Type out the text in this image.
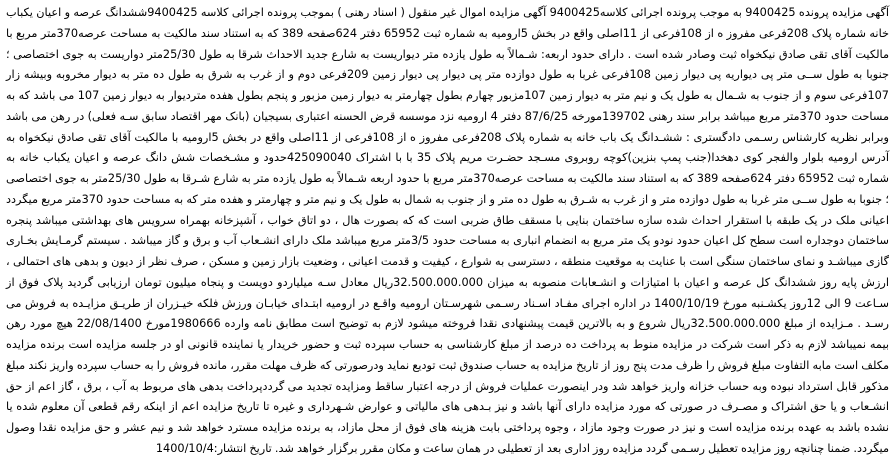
آگهی مزایده پرونده 9400425 به موجب پرونده اجرائی کلاسه9400425 آگهی مزایده اموال غیر منقول ( اسناد رهنی ) بموجب پرونده اجرائی کلاسه 9400425ششدانگ عرصه و اعیان یکباب خانه شماره پلاک 208فرعی مفروز ه از 108فرعی از 11اصلی واقع در بخش 5ارومیه به شماره ثبت 65952 دفتر 624صفحه 389 که به استناد سند مالکیت به مساحت عرصه370متر مربع با مالکیت آقای تقی صادق نیکخواه ثبت وصادر شده است . دارای حدود اربعه: شـمالاً به طول یازده متر دیواریست به شارع جدید الاحداث شرقا به طول 25/30متر دواریست به جوی اختصاصی ؛ جنوبا به طول ســی متر پی دیواریه پی دیوار زمین 108فرعی غربا به طول دوازده متر پی دیوار پی دیوار زمین 209فرعی دوم و از غرب به شرق به طول ده متر به دیوار مخروبه وبیشه زار 107فرعی سوم و از جنوب به شـمال به طول یک و نیم متر به دیوار زمین 107مزبور چهارم بطول چهارمتر به دیوار زمین مزبور و پنجم بطول هفده متردیوار به دیوار زمین 107 می باشد که به مساحت حدود 370متر مربع میباشد برابر سند رهنی 139702مورخه 87/6/25 دفتر 4 ارومیه نزد موسسه قرض الحسنه اعتباری بسیجیان (بانک مهر اقتصاد سابق سـه فعلی) در رهن می باشد وبرابر نظریه کارشناس رسـمی دادگستری : ششـدانگ یک باب خانه به شماره پلاک 208فرعی مفروز ه از 108فرعی از 11اصلی واقع در بخش 5ارومیه با مالکیت آقای تقی صادق نیکخواه به آدرس ارومیه بلوار والفجر کوی دهخدا(جنب پمپ بنزین)کوچه روبروی مسـجد حضـرت مریم پلاک 35 با با اشتراک 425090040حدود و مشـخصات شش دانگ عرصه و اعیان یکباب خانه به شماره ثبت 65952 دفتر 624صفحه 389 که به استناد سند مالکیت به مساحت عرصه370متر مربع با حدود اربعه شـمالاً به طول یازده متر به شارع شـرقا به طول 25/30متر به جوی اختصاصی ؛ جنوبا به طول ســی متر غربا به طول دوازده متر و از غرب به شـرق به طول ده متر و از جنوب به شمال به طول یک و نیم متر و چهارمتر و هفده متر که به مساحت حدود 370متر مربع میگردد اعیانی ملک در یک طبقه با استقرار احداث شده سازه ساختمان بنایی با مسقف طاق ضربی است که که بصورت هال ، دو اتاق خواب ، آشپزخانه بهمراه سرویس های بهداشتی میباشد پنجره ساختمان دوجداره است سطح کل اعیان حدود نودو یک متر مربع به انضمام انباری به مساحت حدود 3/5متر مربع میباشد ملک دارای انشـعاب آب و برق و گاز میباشد . سیستم گرمـایش بخـاری گازی میباشـد و نمای ساختمان سنگی است با عنایت به موقعیت منطقه ، دسترسی به شوارع ، کیفیت و قدمت اعیانی ، وضعیت بازار زمین و مسکن ، صرف نظر از دیون و بدهی های احتمالی ، ارزش پایه روز ششدانگ کل عرصه و اعیان با امتیازات و انشـعابات منصوبه به میزان 32.500.000.000ریال معادل سـه میلیاردو دویست و پنجاه میلیون تومان ارزیابی گردید پلاک فوق از سـاعت 9 الی 12روز یکشـنبه مورخ 1400/10/19 در اداره اجرای مفـاد اسـناد رسـمی شهرسـتان ارومیه واقـع در ارومیه ابتـدای خیابـان ورزش فلکه خیـزران از طریـق مزایـده به فروش می رسـد . مـزایده از مبلغ 32.500.000.000ریال شروع و به بالاترین قیمت پیشنهادی نقدا فروخته میشود لازم به توضیح است مطابق نامه وارده 1980666مورخ 22/08/1400 هیچ مورد رهن بیمه نمیباشد لازم به ذکر است شرکت در مزایده منوط به پرداخت ده درصد از مبلغ کارشناسی به حساب سپرده ثبت و حضور خریدار یا نماینده قانونی او در جلسه مزایده است برنده مزایده مکلف است مابه التفاوت مبلغ فروش را ظرف مدت پنج روز از تاریخ مزایده به حساب صندوق ثبت تودیع نماید ودرصورتی که ظرف مهلت مقرر، مانده فروش را به حساب سپرده واریز نکند مبلغ مذکور قابل استرداد نبوده وبه حساب خزانه واریز خواهد شد ودر اینصورت عملیات فروش از درجه اعتبار ساقط ومزایده تجدید می گرددپرداخت بدهی های مربوط به آب ، برق ، گاز اعم از حق انشـعاب و یا حق اشتراک و مصـرف در صورتی که مورد مزایده دارای آنها باشد و نیز بـدهی های مالیاتی و عوارض شـهرداری و غیره تا تاریخ مزایده اعم از اینکه رقم قطعی آن معلوم شده یا نشده باشد به عهده برنده مزایده است و نیز در صورت وجود مازاد ، وجوه پرداختی بابت هزینه های فوق از محل مازاد، به برنده مزایده مسترد خواهد شد و نیم عشر و حق مزایده نقدا وصول میگردد. ضمنا چنانچه روز مزایده تعطیل رسـمی گردد مزایده روز اداری بعد از تعطیلی در همان ساعت و مکان مقرر برگزار خواهد شد. تاریخ انتشار:1400/10/4
